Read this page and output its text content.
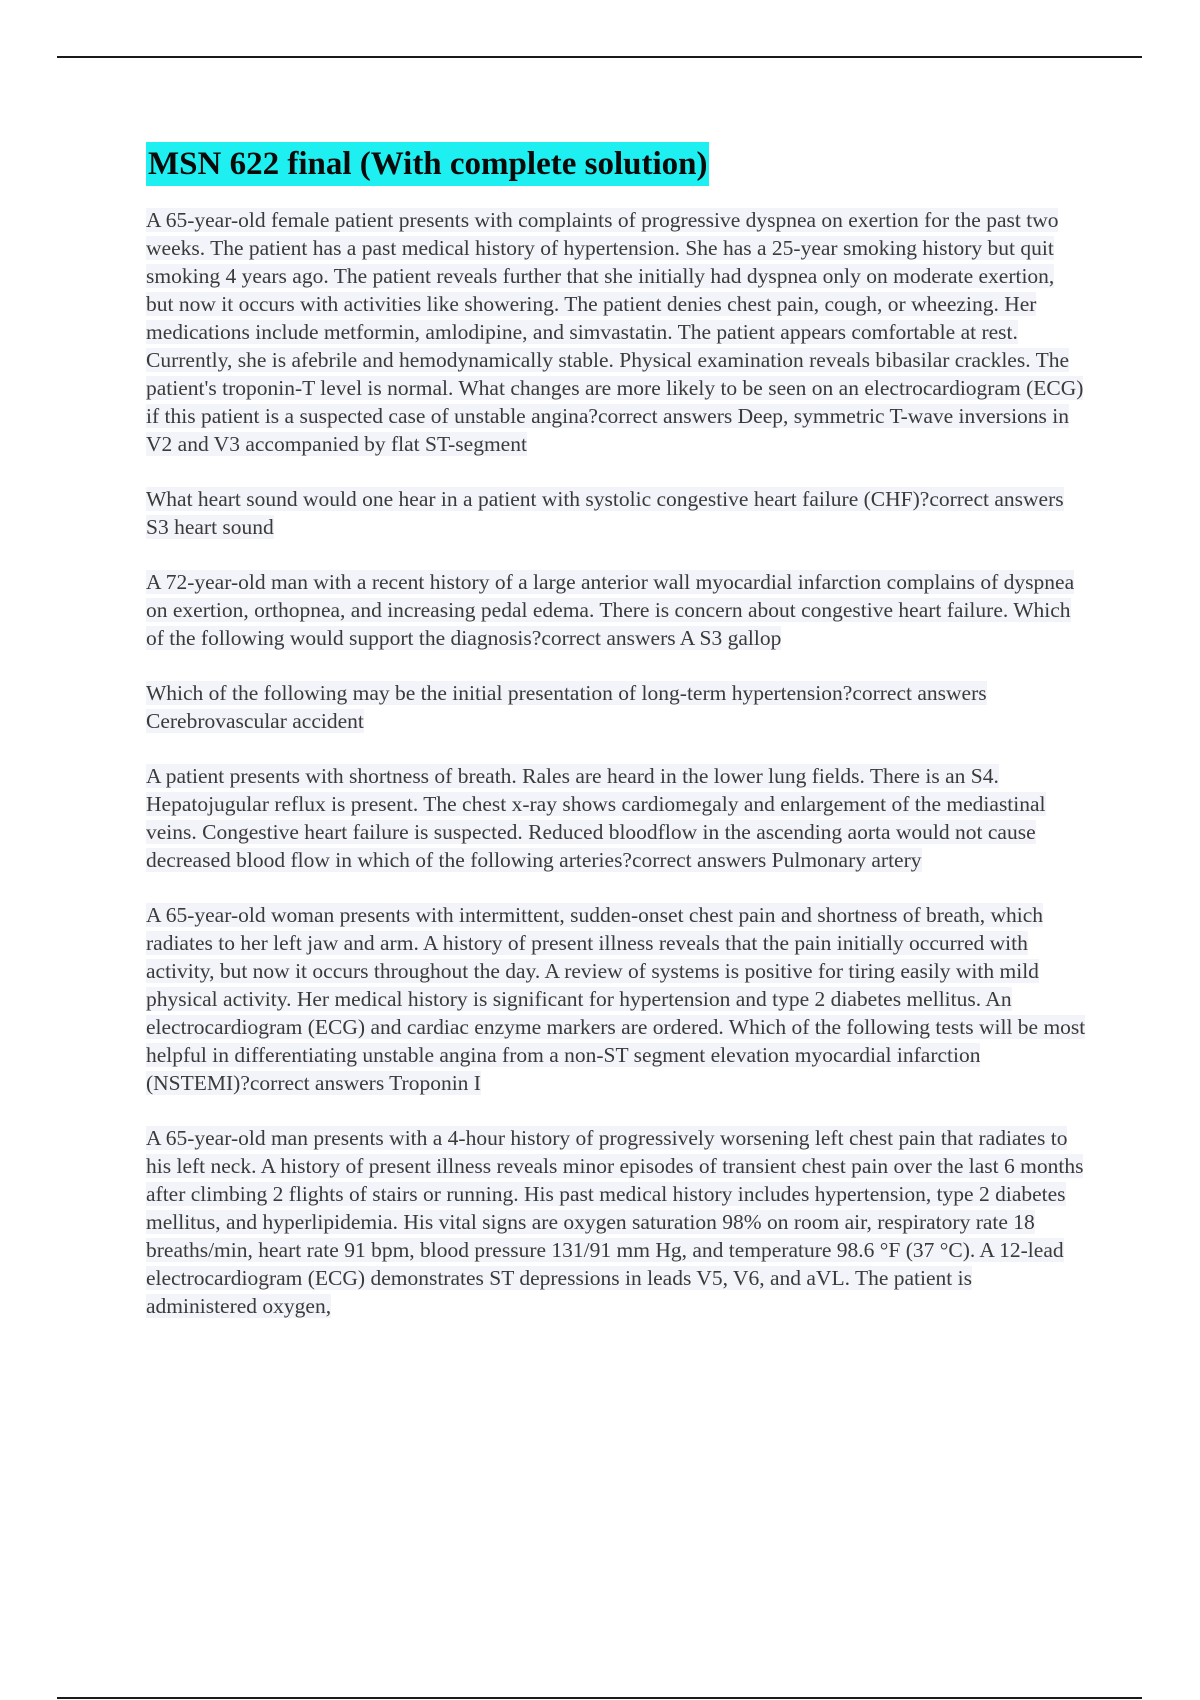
MSN 622 final (With complete solution)

A 65-year-old female patient presents with complaints of progressive dyspnea on exertion for the past two weeks. The patient has a past medical history of hypertension. She has a 25-year smoking history but quit smoking 4 years ago. The patient reveals further that she initially had dyspnea only on moderate exertion, but now it occurs with activities like showering. The patient denies chest pain, cough, or wheezing. Her medications include metformin, amlodipine, and simvastatin. The patient appears comfortable at rest. Currently, she is afebrile and hemodynamically stable. Physical examination reveals bibasilar crackles. The patient's troponin-T level is normal. What changes are more likely to be seen on an electrocardiogram (ECG) if this patient is a suspected case of unstable angina?correct answers Deep, symmetric T-wave inversions in V2 and V3 accompanied by flat ST-segment

What heart sound would one hear in a patient with systolic congestive heart failure (CHF)?correct answers S3 heart sound

A 72-year-old man with a recent history of a large anterior wall myocardial infarction complains of dyspnea on exertion, orthopnea, and increasing pedal edema. There is concern about congestive heart failure. Which of the following would support the diagnosis?correct answers A S3 gallop

Which of the following may be the initial presentation of long-term hypertension?correct answers Cerebrovascular accident

A patient presents with shortness of breath. Rales are heard in the lower lung fields. There is an S4. Hepatojugular reflux is present. The chest x-ray shows cardiomegaly and enlargement of the mediastinal veins. Congestive heart failure is suspected. Reduced bloodflow in the ascending aorta would not cause decreased blood flow in which of the following arteries?correct answers Pulmonary artery

A 65-year-old woman presents with intermittent, sudden-onset chest pain and shortness of breath, which radiates to her left jaw and arm. A history of present illness reveals that the pain initially occurred with activity, but now it occurs throughout the day. A review of systems is positive for tiring easily with mild physical activity. Her medical history is significant for hypertension and type 2 diabetes mellitus. An electrocardiogram (ECG) and cardiac enzyme markers are ordered. Which of the following tests will be most helpful in differentiating unstable angina from a non-ST segment elevation myocardial infarction (NSTEMI)?correct answers Troponin I

A 65-year-old man presents with a 4-hour history of progressively worsening left chest pain that radiates to his left neck. A history of present illness reveals minor episodes of transient chest pain over the last 6 months after climbing 2 flights of stairs or running. His past medical history includes hypertension, type 2 diabetes mellitus, and hyperlipidemia. His vital signs are oxygen saturation 98% on room air, respiratory rate 18 breaths/min, heart rate 91 bpm, blood pressure 131/91 mm Hg, and temperature 98.6 °F (37 °C). A 12-lead electrocardiogram (ECG) demonstrates ST depressions in leads V5, V6, and aVL. The patient is administered oxygen,
